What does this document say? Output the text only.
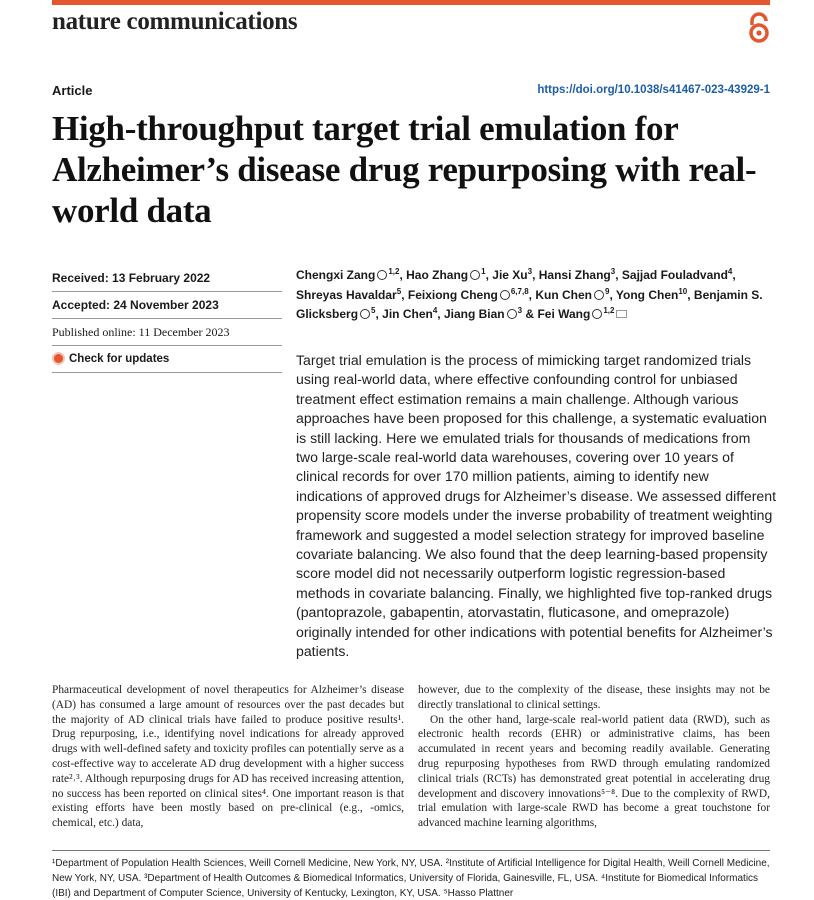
nature communications
Article	https://doi.org/10.1038/s41467-023-43929-1
High-throughput target trial emulation for Alzheimer’s disease drug repurposing with real-world data
Received: 13 February 2022
Accepted: 24 November 2023
Published online: 11 December 2023
Check for updates
Chengxi Zang $^{1,2}$, Hao Zhang $^1$, Jie Xu$^3$, Hansi Zhang$^3$, Sajjad Fouladvand$^4$, Shreyas Havaldar$^5$, Feixiong Cheng $^{6,7,8}$, Kun Chen $^9$, Yong Chen$^{10}$, Benjamin S. Glicksberg $^5$, Jin Chen$^4$, Jiang Bian $^3$ & Fei Wang $^{1,2}$

Target trial emulation is the process of mimicking target randomized trials using real-world data, where effective confounding control for unbiased treatment effect estimation remains a main challenge. Although various approaches have been proposed for this challenge, a systematic evaluation is still lacking. Here we emulated trials for thousands of medications from two large-scale real-world data warehouses, covering over 10 years of clinical records for over 170 million patients, aiming to identify new indications of approved drugs for Alzheimer’s disease. We assessed different propensity score models under the inverse probability of treatment weighting framework and suggested a model selection strategy for improved baseline covariate balancing. We also found that the deep learning-based propensity score model did not necessarily outperform logistic regression-based methods in covariate balancing. Finally, we highlighted five top-ranked drugs (pantoprazole, gabapentin, atorvastatin, fluticasone, and omeprazole) originally intended for other indications with potential benefits for Alzheimer’s patients.

Pharmaceutical development of novel therapeutics for Alzheimer’s disease (AD) has consumed a large amount of resources over the past decades but the majority of AD clinical trials have failed to produce positive results¹. Drug repurposing, i.e., identifying novel indications for already approved drugs with well-defined safety and toxicity profiles can potentially serve as a cost-effective way to accelerate AD drug development with a higher success rate²˒³. Although repurposing drugs for AD has received increasing attention, no success has been reported on clinical sites⁴. One important reason is that existing efforts have been mostly based on pre-clinical (e.g., -omics, chemical, etc.) data,

however, due to the complexity of the disease, these insights may not be directly translational to clinical settings.

On the other hand, large-scale real-world patient data (RWD), such as electronic health records (EHR) or administrative claims, has been accumulated in recent years and becoming readily available. Generating drug repurposing hypotheses from RWD through emulating randomized clinical trials (RCTs) has demonstrated great potential in accelerating drug development and discovery innovations⁵⁻⁸. Due to the complexity of RWD, trial emulation with large-scale RWD has become a great touchstone for advanced machine learning algorithms,

¹Department of Population Health Sciences, Weill Cornell Medicine, New York, NY, USA. ²Institute of Artificial Intelligence for Digital Health, Weill Cornell Medicine, New York, NY, USA. ³Department of Health Outcomes & Biomedical Informatics, University of Florida, Gainesville, FL, USA. ⁴Institute for Biomedical Informatics (IBI) and Department of Computer Science, University of Kentucky, Lexington, KY, USA. ⁵Hasso Plattner
